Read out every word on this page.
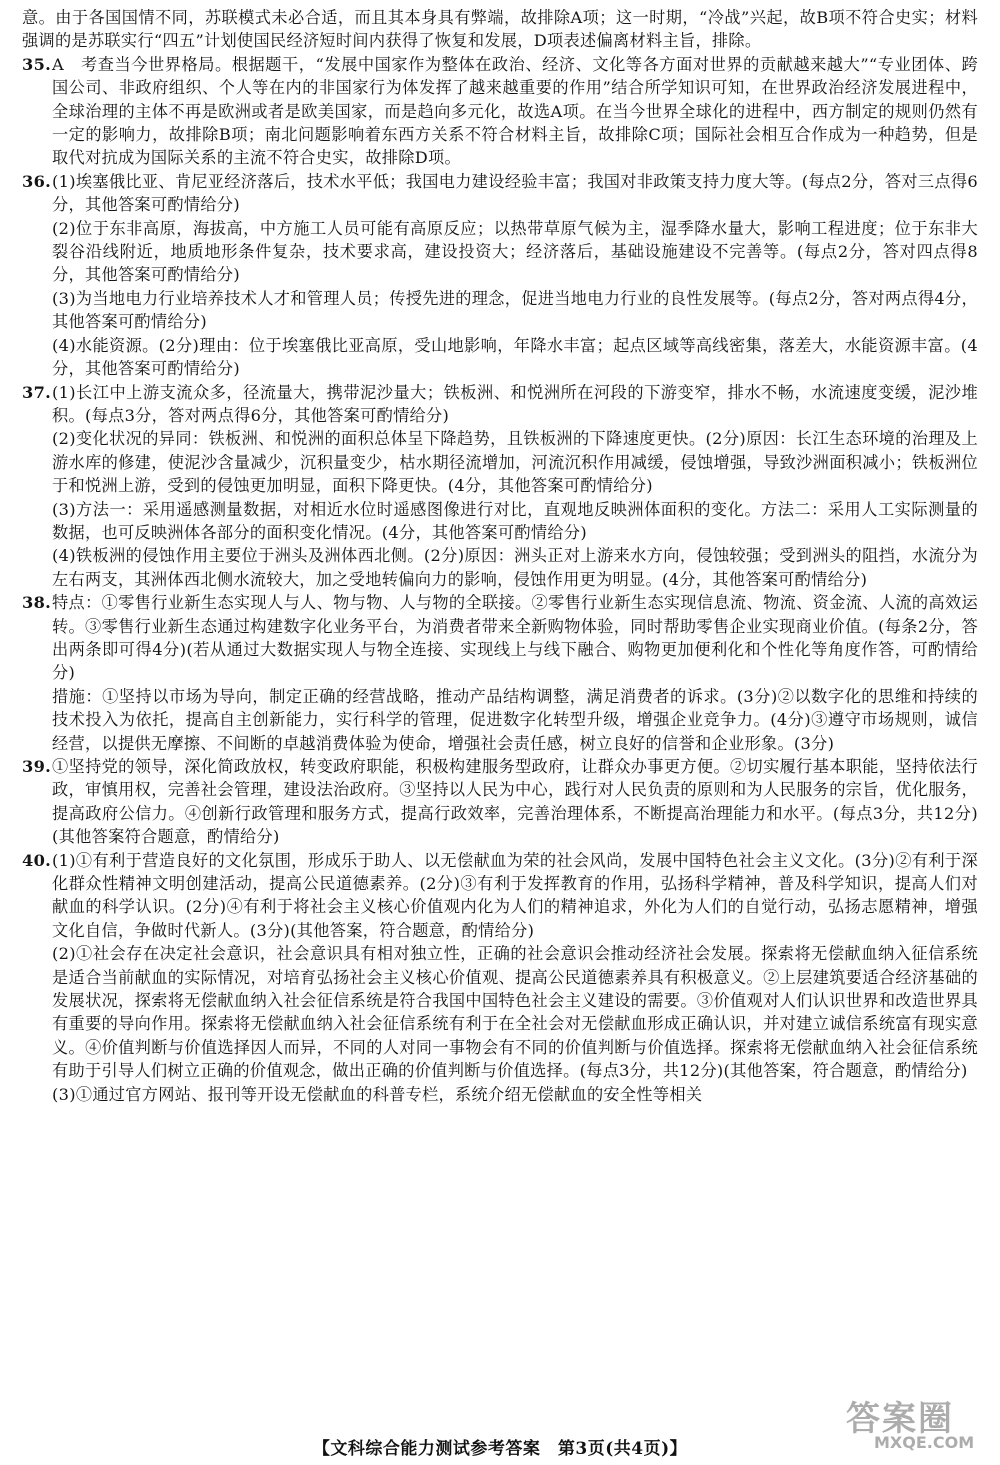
意。由于各国国情不同，苏联模式未必合适，而且其本身具有弊端，故排除A项；这一时期，“冷战”兴起，故B项不符合史实；材料强调的是苏联实行“四五”计划使国民经济短时间内获得了恢复和发展，D项表述偏离材料主旨，排除。

35. A　考查当今世界格局。根据题干，“发展中国家作为整体在政治、经济、文化等各方面对世界的贡献越来越大”“专业团体、跨国公司、非政府组织、个人等在内的非国家行为体发挥了越来越重要的作用”结合所学知识可知，在世界政治经济发展进程中，全球治理的主体不再是欧洲或者是欧美国家，而是趋向多元化，故选A项。在当今世界全球化的进程中，西方制定的规则仍然有一定的影响力，故排除B项；南北问题影响着东西方关系不符合材料主旨，故排除C项；国际社会相互合作成为一种趋势，但是取代对抗成为国际关系的主流不符合史实，故排除D项。

36. (1)埃塞俄比亚、肯尼亚经济落后，技术水平低；我国电力建设经验丰富；我国对非政策支持力度大等。(每点2分，答对三点得6分，其他答案可酌情给分)

(2)位于东非高原，海拔高，中方施工人员可能有高原反应；以热带草原气候为主，湿季降水量大，影响工程进度；位于东非大裂谷沿线附近，地质地形条件复杂，技术要求高，建设投资大；经济落后，基础设施建设不完善等。(每点2分，答对四点得8分，其他答案可酌情给分)

(3)为当地电力行业培养技术人才和管理人员；传授先进的理念，促进当地电力行业的良性发展等。(每点2分，答对两点得4分，其他答案可酌情给分)

(4)水能资源。(2分)理由：位于埃塞俄比亚高原，受山地影响，年降水丰富；起点区域等高线密集，落差大，水能资源丰富。(4分，其他答案可酌情给分)

37. (1)长江中上游支流众多，径流量大，携带泥沙量大；铁板洲、和悦洲所在河段的下游变窄，排水不畅，水流速度变缓，泥沙堆积。(每点3分，答对两点得6分，其他答案可酌情给分)

(2)变化状况的异同：铁板洲、和悦洲的面积总体呈下降趋势，且铁板洲的下降速度更快。(2分)原因：长江生态环境的治理及上游水库的修建，使泥沙含量减少，沉积量变少，枯水期径流增加，河流沉积作用减缓，侵蚀增强，导致沙洲面积减小；铁板洲位于和悦洲上游，受到的侵蚀更加明显，面积下降更快。(4分，其他答案可酌情给分)

(3)方法一：采用遥感测量数据，对相近水位时遥感图像进行对比，直观地反映洲体面积的变化。方法二：采用人工实际测量的数据，也可反映洲体各部分的面积变化情况。(4分，其他答案可酌情给分)

(4)铁板洲的侵蚀作用主要位于洲头及洲体西北侧。(2分)原因：洲头正对上游来水方向，侵蚀较强；受到洲头的阻挡，水流分为左右两支，其洲体西北侧水流较大，加之受地转偏向力的影响，侵蚀作用更为明显。(4分，其他答案可酌情给分)

38. 特点：①零售行业新生态实现人与人、物与物、人与物的全联接。②零售行业新生态实现信息流、物流、资金流、人流的高效运转。③零售行业新生态通过构建数字化业务平台，为消费者带来全新购物体验，同时帮助零售企业实现商业价值。(每条2分，答出两条即可得4分)(若从通过大数据实现人与物全连接、实现线上与线下融合、购物更加便利化和个性化等角度作答，可酌情给分)

措施：①坚持以市场为导向，制定正确的经营战略，推动产品结构调整，满足消费者的诉求。(3分)②以数字化的思维和持续的技术投入为依托，提高自主创新能力，实行科学的管理，促进数字化转型升级，增强企业竞争力。(4分)③遵守市场规则，诚信经营，以提供无摩擦、不间断的卓越消费体验为使命，增强社会责任感，树立良好的信誉和企业形象。(3分)

39. ①坚持党的领导，深化简政放权，转变政府职能，积极构建服务型政府，让群众办事更方便。②切实履行基本职能，坚持依法行政，审慎用权，完善社会管理，建设法治政府。③坚持以人民为中心，践行对人民负责的原则和为人民服务的宗旨，优化服务，提高政府公信力。④创新行政管理和服务方式，提高行政效率，完善治理体系，不断提高治理能力和水平。(每点3分，共12分)(其他答案符合题意，酌情给分)

40. (1)①有利于营造良好的文化氛围，形成乐于助人、以无偿献血为荣的社会风尚，发展中国特色社会主义文化。(3分)②有利于深化群众性精神文明创建活动，提高公民道德素养。(2分)③有利于发挥教育的作用，弘扬科学精神，普及科学知识，提高人们对献血的科学认识。(2分)④有利于将社会主义核心价值观内化为人们的精神追求，外化为人们的自觉行动，弘扬志愿精神，增强文化自信，争做时代新人。(3分)(其他答案，符合题意，酌情给分)

(2)①社会存在决定社会意识，社会意识具有相对独立性，正确的社会意识会推动经济社会发展。探索将无偿献血纳入征信系统是适合当前献血的实际情况，对培育弘扬社会主义核心价值观、提高公民道德素养具有积极意义。②上层建筑要适合经济基础的发展状况，探索将无偿献血纳入社会征信系统是符合我国中国特色社会主义建设的需要。③价值观对人们认识世界和改造世界具有重要的导向作用。探索将无偿献血纳入社会征信系统有利于在全社会对无偿献血形成正确认识，并对建立诚信系统富有现实意义。④价值判断与价值选择因人而异，不同的人对同一事物会有不同的价值判断与价值选择。探索将无偿献血纳入社会征信系统有助于引导人们树立正确的价值观念，做出正确的价值判断与价值选择。(每点3分，共12分)(其他答案，符合题意，酌情给分)

(3)①通过官方网站、报刊等开设无偿献血的科普专栏，系统介绍无偿献血的安全性等相关

【文科综合能力测试参考答案　第3页(共4页)】
答案圈
MXQE.COM
